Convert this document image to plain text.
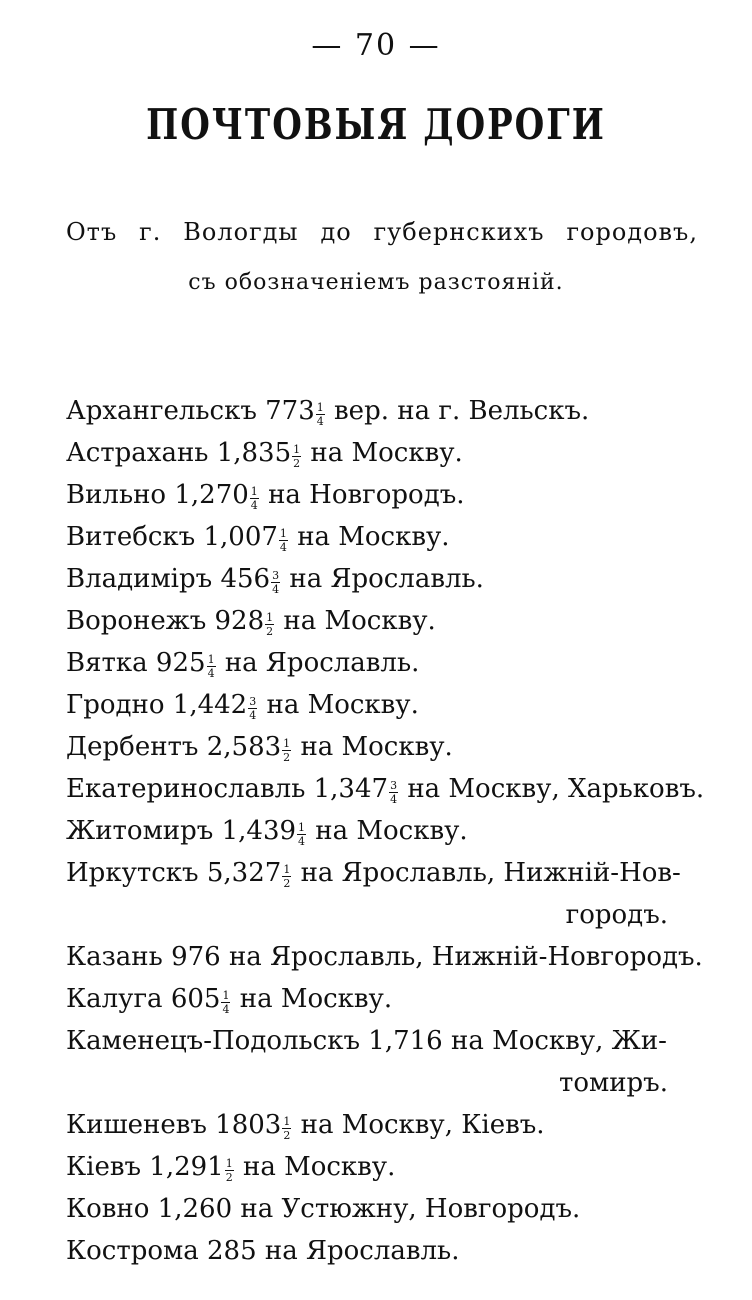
— 70 —
ПОЧТОВЫЯ ДОРОГИ
Отъ г. Вологды до губернскихъ городовъ,
съ обозначеніемъ разстояній.
Архангельскъ $773 \frac{1}{4}$ вер. на г. Вельскъ.
Астрахань $1,835 \frac{1}{2}$ на Москву.
Вильно $1,270 \frac{1}{4}$ на Новгородъ.
Витебскъ $1,007 \frac{1}{4}$ на Москву.
Владиміръ $456 \frac{3}{4}$ на Ярославль.
Воронежъ $928 \frac{1}{2}$ на Москву.
Вятка $925 \frac{1}{4}$ на Ярославль.
Гродно $1,442 \frac{3}{4}$ на Москву.
Дербентъ $2,583 \frac{1}{2}$ на Москву.
Екатеринославль $1,347 \frac{3}{4}$ на Москву, Харьковъ.
Житомиръ $1,439 \frac{1}{4}$ на Москву.
Иркутскъ $5,327 \frac{1}{2}$ на Ярославль, Нижній-Нов-
городъ.
Казань 976 на Ярославль, Нижній-Новгородъ.
Калуга $605 \frac{1}{4}$ на Москву.
Каменецъ-Подольскъ 1,716 на Москву, Жи-
томиръ.
Кишеневъ $1803 \frac{1}{2}$ на Москву, Кіевъ.
Кіевъ $1,291 \frac{1}{2}$ на Москву.
Ковно 1,260 на Устюжну, Новгородъ.
Кострома 285 на Ярославль.
